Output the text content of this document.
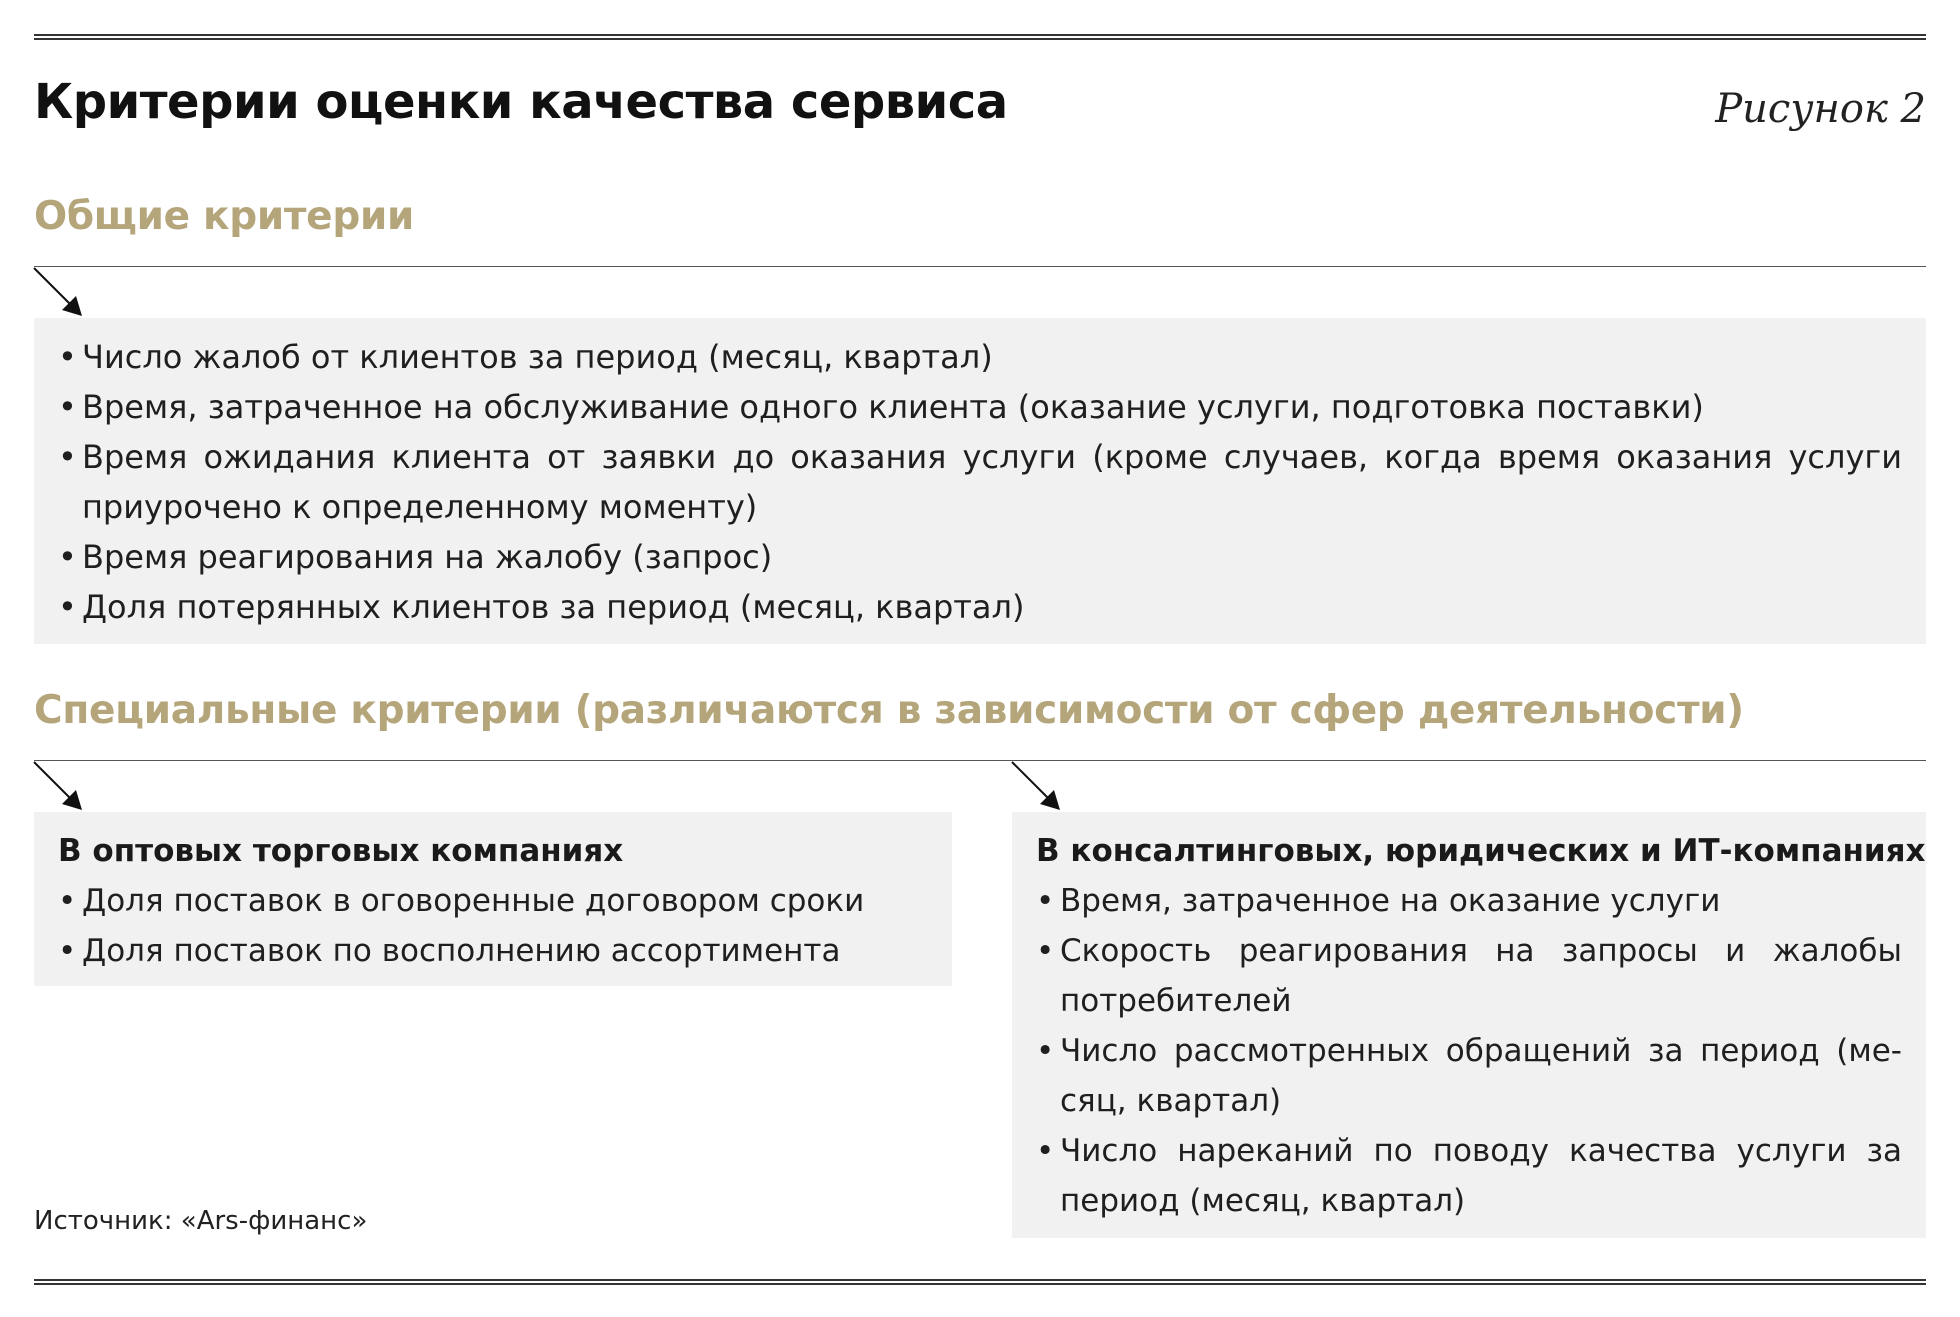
Критерии оценки качества сервиса	Рисунок 2
Общие критерии
• Число жалоб от клиентов за период (месяц, квартал)
• Время, затраченное на обслуживание одного клиента (оказание услуги, подготовка поставки)
• Время ожидания клиента от заявки до оказания услуги (кроме случаев, когда время оказания услуги приурочено к определенному моменту)
• Время реагирования на жалобу (запрос)
• Доля потерянных клиентов за период (месяц, квартал)
Специальные критерии (различаются в зависимости от сфер деятельности)
В оптовых торговых компаниях
• Доля поставок в оговоренные договором сроки
• Доля поставок по восполнению ассортимента
В консалтинговых, юридических и ИТ-компаниях
• Время, затраченное на оказание услуги
• Скорость реагирования на запросы и жалобы потребителей
• Число рассмотренных обращений за период (ме-сяц, квартал)
• Число нареканий по поводу качества услуги за период (месяц, квартал)
Источник: «Ars-финанс»
